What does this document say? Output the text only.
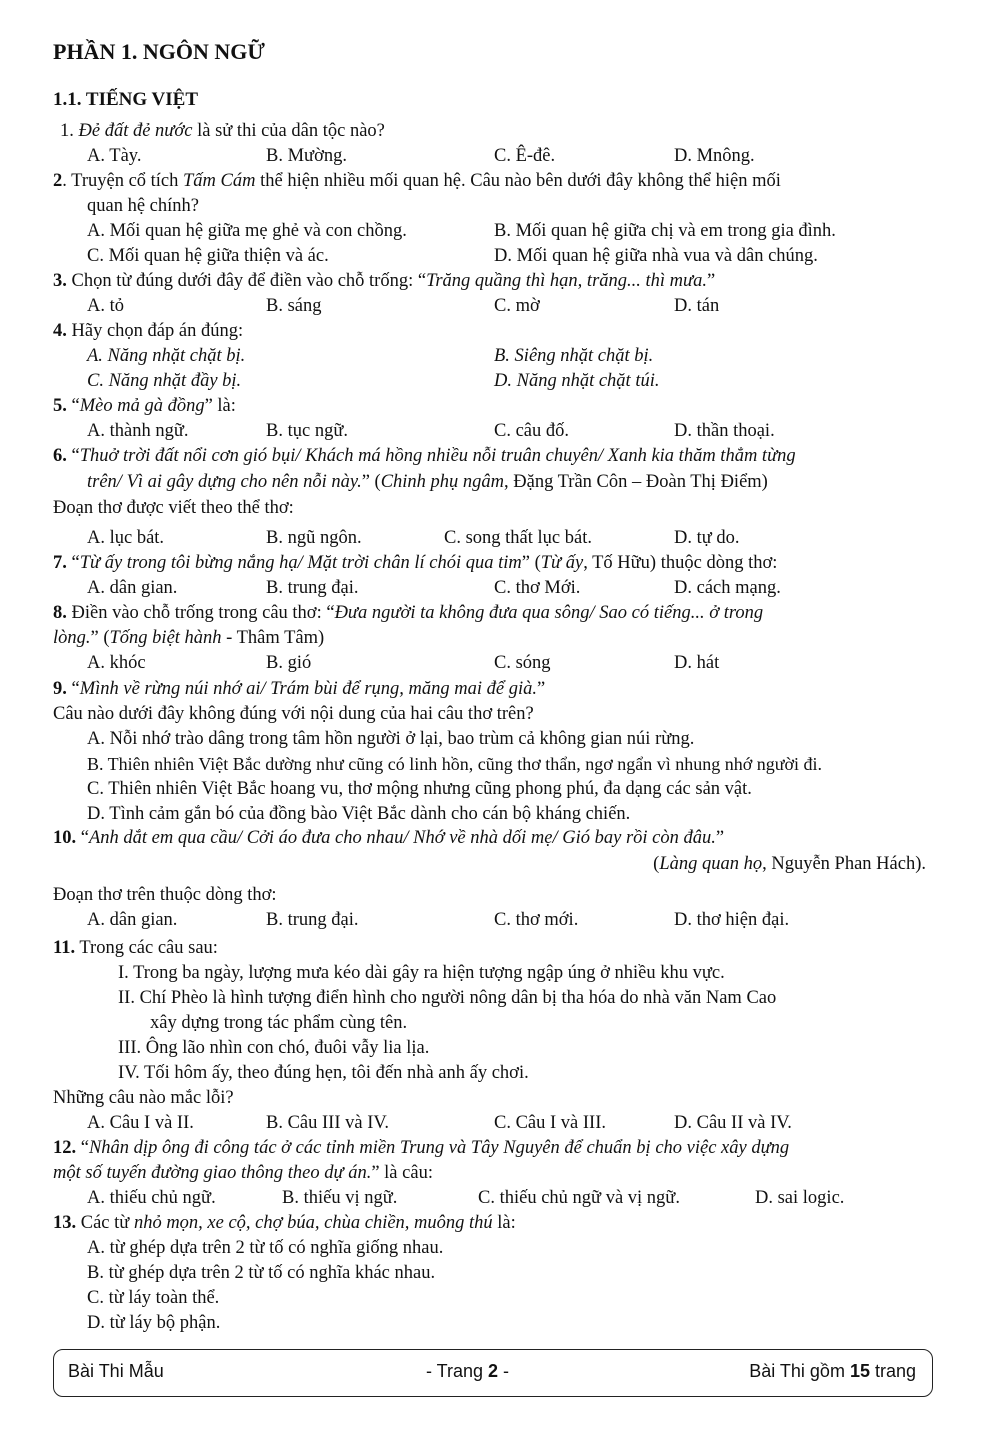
PHẦN 1. NGÔN NGỮ
1.1. TIẾNG VIỆT
1. Đẻ đất đẻ nước là sử thi của dân tộc nào?
A. Tày.	B. Mường.	C. Ê-đê.	D. Mnông.
2. Truyện cổ tích Tấm Cám thể hiện nhiều mối quan hệ. Câu nào bên dưới đây không thể hiện mối
quan hệ chính?
A. Mối quan hệ giữa mẹ ghẻ và con chồng.	B. Mối quan hệ giữa chị và em trong gia đình.
C. Mối quan hệ giữa thiện và ác.	D. Mối quan hệ giữa nhà vua và dân chúng.
3. Chọn từ đúng dưới đây để điền vào chỗ trống: “Trăng quầng thì hạn, trăng... thì mưa.”
A. tỏ	B. sáng	C. mờ	D. tán
4. Hãy chọn đáp án đúng:
A. Năng nhặt chặt bị.	B. Siêng nhặt chặt bị.
C. Năng nhặt đầy bị.	D. Năng nhặt chặt túi.
5. “Mèo mả gà đồng” là:
A. thành ngữ.	B. tục ngữ.	C. câu đố.	D. thần thoại.
6. “Thuở trời đất nổi cơn gió bụi/ Khách má hồng nhiều nỗi truân chuyên/ Xanh kia thăm thẳm từng
trên/ Vì ai gây dựng cho nên nỗi này.” (Chinh phụ ngâm, Đặng Trần Côn – Đoàn Thị Điểm)
Đoạn thơ được viết theo thể thơ:
A. lục bát.	B. ngũ ngôn.	C. song thất lục bát.	D. tự do.
7. “Từ ấy trong tôi bừng nắng hạ/ Mặt trời chân lí chói qua tim” (Từ ấy, Tố Hữu) thuộc dòng thơ:
A. dân gian.	B. trung đại.	C. thơ Mới.	D. cách mạng.
8. Điền vào chỗ trống trong câu thơ: “Đưa người ta không đưa qua sông/ Sao có tiếng... ở trong
lòng.” (Tống biệt hành - Thâm Tâm)
A. khóc	B. gió	C. sóng	D. hát
9. “Mình về rừng núi nhớ ai/ Trám bùi để rụng, măng mai để già.”
Câu nào dưới đây không đúng với nội dung của hai câu thơ trên?
A. Nỗi nhớ trào dâng trong tâm hồn người ở lại, bao trùm cả không gian núi rừng.
B. Thiên nhiên Việt Bắc dường như cũng có linh hồn, cũng thơ thẩn, ngơ ngẩn vì nhung nhớ người đi.
C. Thiên nhiên Việt Bắc hoang vu, thơ mộng nhưng cũng phong phú, đa dạng các sản vật.
D. Tình cảm gắn bó của đồng bào Việt Bắc dành cho cán bộ kháng chiến.
10. “Anh dắt em qua cầu/ Cởi áo đưa cho nhau/ Nhớ về nhà dối mẹ/ Gió bay rồi còn đâu.”
(Làng quan họ, Nguyễn Phan Hách).
Đoạn thơ trên thuộc dòng thơ:
A. dân gian.	B. trung đại.	C. thơ mới.	D. thơ hiện đại.
11. Trong các câu sau:
I. Trong ba ngày, lượng mưa kéo dài gây ra hiện tượng ngập úng ở nhiều khu vực.
II. Chí Phèo là hình tượng điển hình cho người nông dân bị tha hóa do nhà văn Nam Cao
xây dựng trong tác phẩm cùng tên.
III. Ông lão nhìn con chó, đuôi vẫy lia lịa.
IV. Tối hôm ấy, theo đúng hẹn, tôi đến nhà anh ấy chơi.
Những câu nào mắc lỗi?
A. Câu I và II.	B. Câu III và IV.	C. Câu I và III.	D. Câu II và IV.
12. “Nhân dịp ông đi công tác ở các tỉnh miền Trung và Tây Nguyên để chuẩn bị cho việc xây dựng
một số tuyến đường giao thông theo dự án.” là câu:
A. thiếu chủ ngữ.	B. thiếu vị ngữ.	C. thiếu chủ ngữ và vị ngữ.	D. sai logic.
13. Các từ nhỏ mọn, xe cộ, chợ búa, chùa chiền, muông thú là:
A. từ ghép dựa trên 2 từ tố có nghĩa giống nhau.
B. từ ghép dựa trên 2 từ tố có nghĩa khác nhau.
C. từ láy toàn thể.
D. từ láy bộ phận.
Bài Thi Mẫu	- Trang 2 -	Bài Thi gồm 15 trang
